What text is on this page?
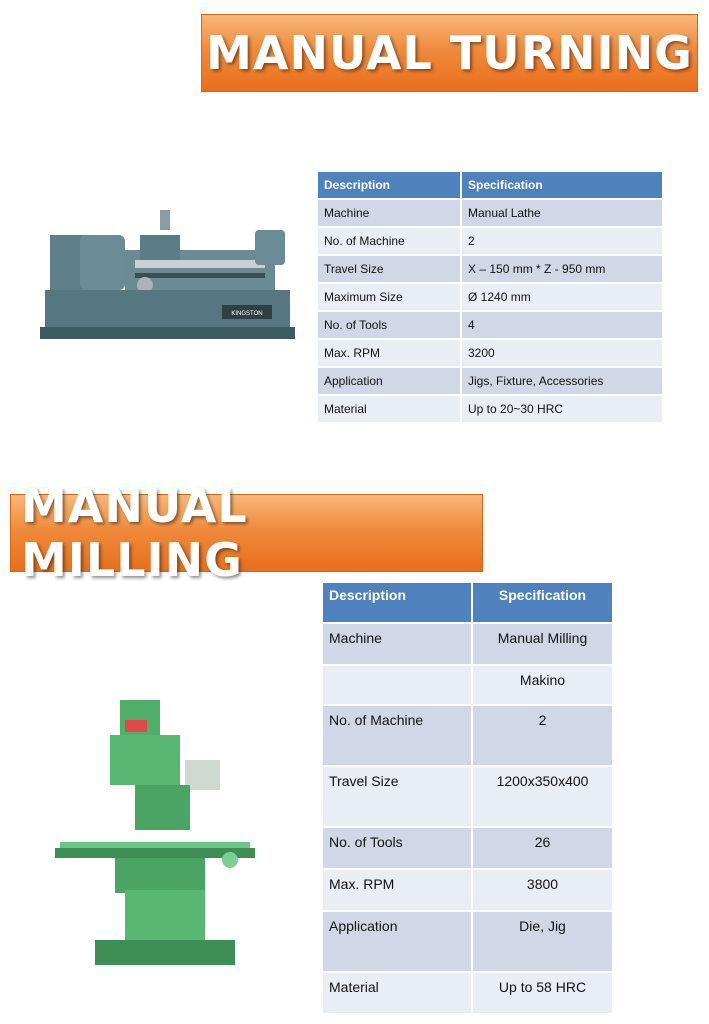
MANUAL TURNING
KINGSTON
Description	Specification
Machine	Manual Lathe
No. of Machine	2
Travel Size	X – 150 mm * Z - 950 mm
Maximum Size	Ø 1240 mm
No. of Tools	4
Max. RPM	3200
Application	Jigs, Fixture, Accessories
Material	Up to 20~30 HRC
MANUAL MILLING
Description	Specification
Machine	Manual Milling
	Makino
No. of Machine	2
Travel Size	1200x350x400
No. of Tools	26
Max. RPM	3800
Application	Die, Jig
Material	Up to 58 HRC
